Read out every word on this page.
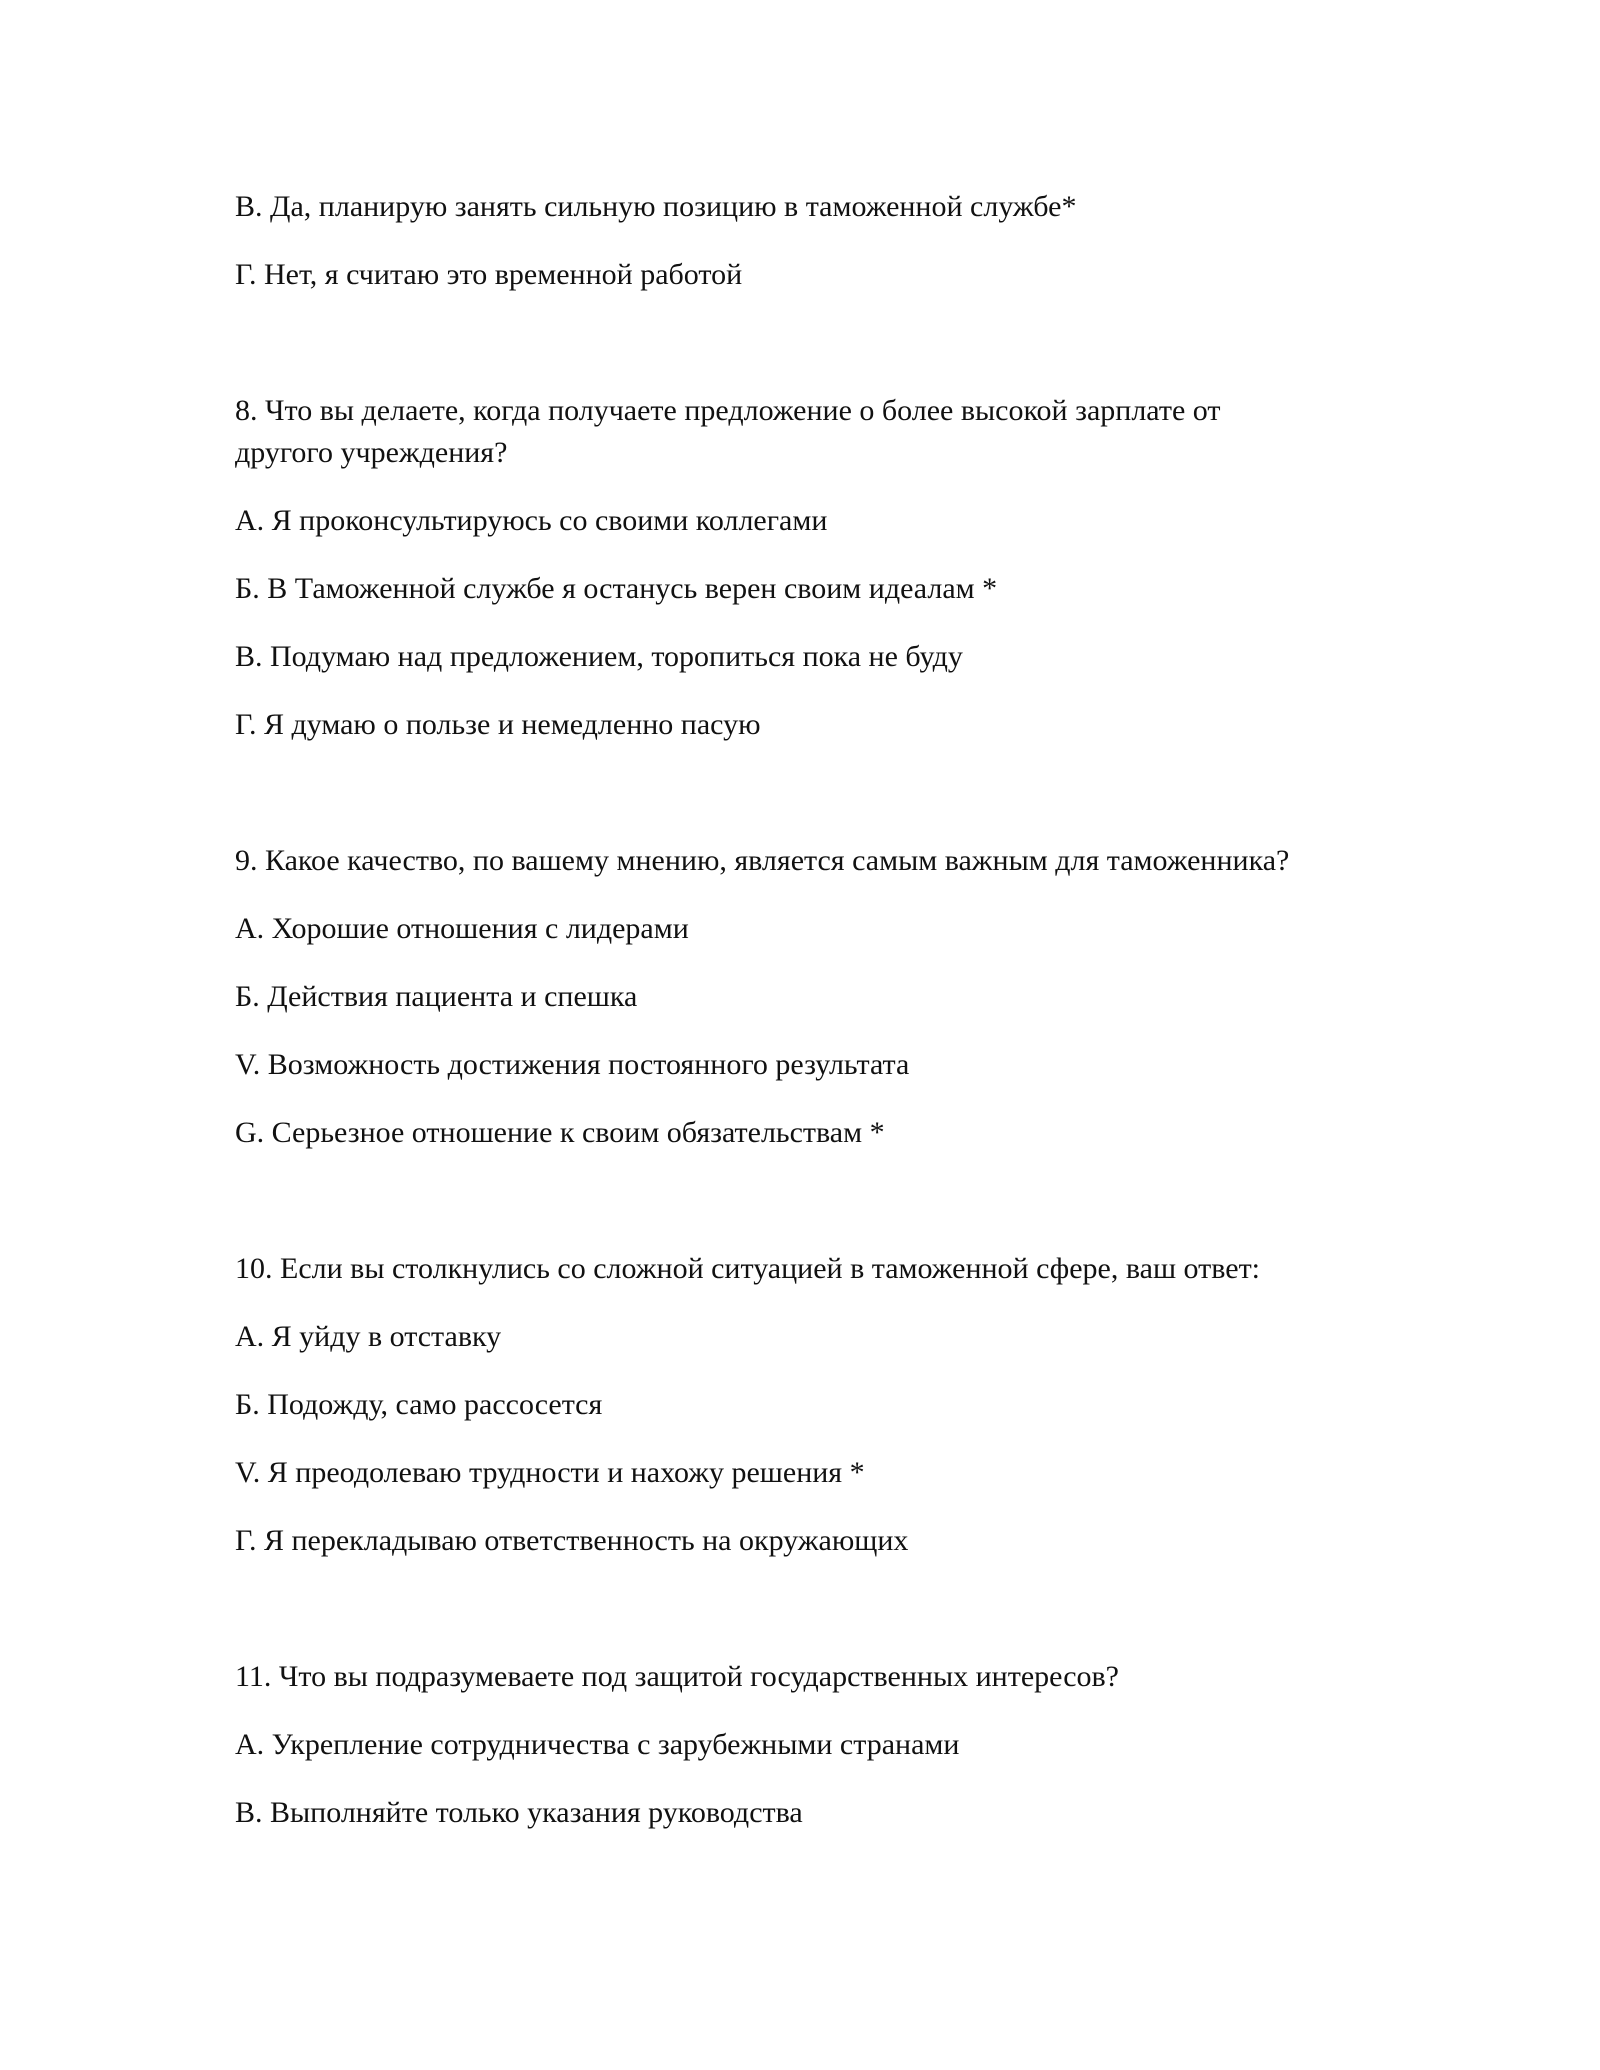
В. Да, планирую занять сильную позицию в таможенной службе*
Г. Нет, я считаю это временной работой
8. Что вы делаете, когда получаете предложение о более высокой зарплате от
другого учреждения?
А. Я проконсультируюсь со своими коллегами
Б. В Таможенной службе я останусь верен своим идеалам *
В. Подумаю над предложением, торопиться пока не буду
Г. Я думаю о пользе и немедленно пасую
9. Какое качество, по вашему мнению, является самым важным для таможенника?
А. Хорошие отношения с лидерами
Б. Действия пациента и спешка
V. Возможность достижения постоянного результата
G. Серьезное отношение к своим обязательствам *
10. Если вы столкнулись со сложной ситуацией в таможенной сфере, ваш ответ:
А. Я уйду в отставку
Б. Подожду, само рассосется
V. Я преодолеваю трудности и нахожу решения *
Г. Я перекладываю ответственность на окружающих
11. Что вы подразумеваете под защитой государственных интересов?
А. Укрепление сотрудничества с зарубежными странами
В. Выполняйте только указания руководства
